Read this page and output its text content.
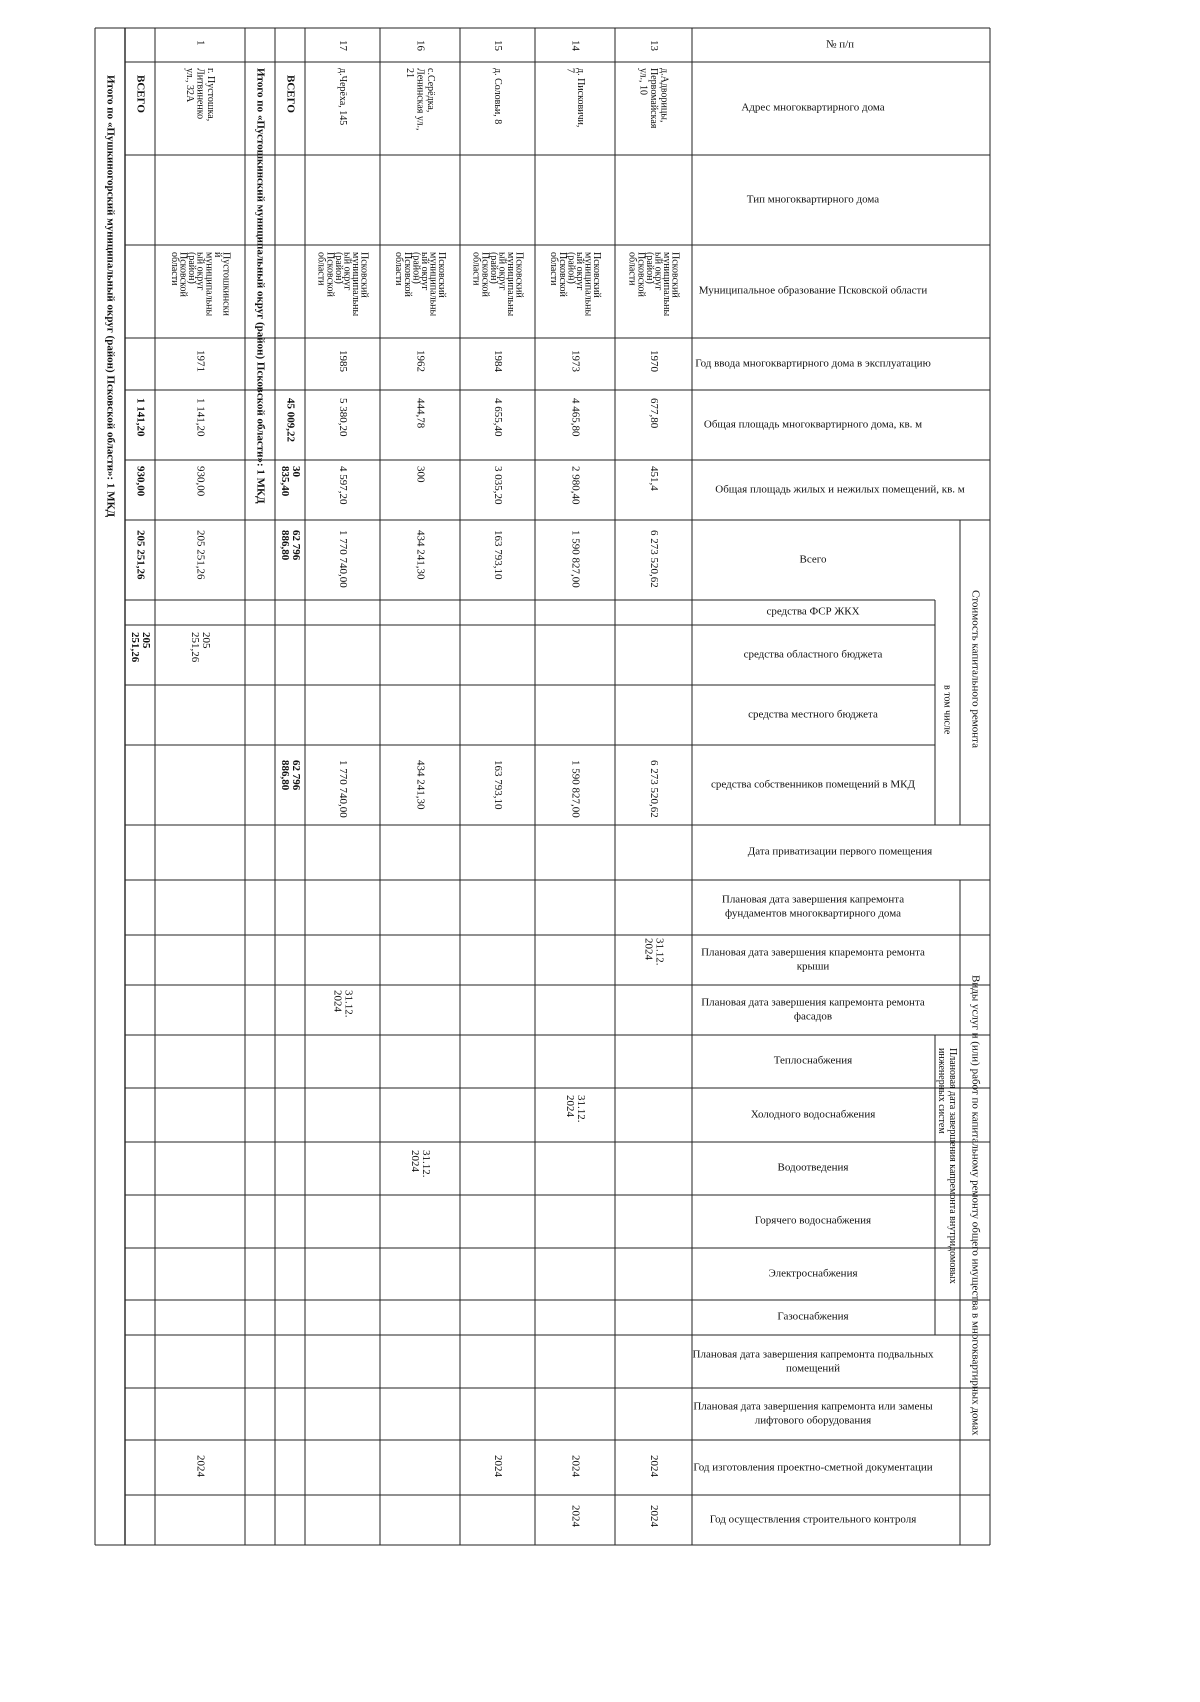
№ п/п
Адрес многоквартирного дома
Тип многоквартирного дома
Муниципальное образование Псковской области
Год ввода многоквартирного дома в эксплуатацию
Общая площадь многоквартирного дома, кв. м
Общая площадь жилых и нежилых помещений, кв. м
Всего
средства ФСР ЖКХ
средства областного бюджета
средства местного бюджета
средства собственников помещений в МКД
Дата приватизации первого помещения
Плановая дата завершения капремонта
фундаментов многоквартирного дома
Плановая дата завершения кпаремонта ремонта
крыши
Плановая дата завершения капремонта ремонта
фасадов
Теплоснабжения
Холодного водоснабжения
Водоотведения
Горячего водоснабжения
Электроснабжения
Газоснабжения
Плановая дата завершения капремонта подвальных
помещений
Плановая дата завершения капремонта или замены
лифтового оборудования
Год изготовления проектно-сметной документации
Год осуществления строительного контроля
Стоимость капитального ремонта
в том числе
Виды услуг и (или) работ по капитальному ремонту общего имущества в многоквартирных домах
Плановая дата завершения капремонта внутридомовых
инженерных систем
13
д.Адворицы,
Первомайская
ул., 10
Псковский
муниципальны
ый округ
(район)
Псковской
области
1970
677,80
451,4
6 273 520,62
6 273 520,62
31.12.
2024
2024
2024
14
д. Писковичи,
7
Псковский
муниципальны
ый округ
(район)
Псковской
области
1973
4 465,80
2 980,40
1 590 827,00
1 590 827,00
31.12.
2024
2024
2024
15
д. Соловьи, 8
Псковский
муниципальны
ый округ
(район)
Псковской
области
1984
4 655,40
3 035,20
163 793,10
163 793,10
2024
16
с.Серёдка,
Ленинская ул.,
21
Псковский
муниципальны
ый округ
(район)
Псковской
области
1962
444,78
300
434 241,30
434 241,30
31.12.
2024
17
д.Черёха, 145
Псковский
муниципальны
ый округ
(район)
Псковской
области
1985
5 380,20
4 597,20
1 770 740,00
1 770 740,00
31.12.
2024
ВСЕГО
45 009,22
30
835,40
62 796
886,80
62 796
886,80
1
г. Пустошка,
Литвиненко
ул., 32А
Пустошкински
й
муниципальны
ый округ
(район)
Псковской
области
1971
1 141,20
930,00
205 251,26
205
251,26
2024
ВСЕГО
1 141,20
930,00
205 251,26
205
251,26
Итого по «Пустошкинский муниципальный округ (район) Псковской области»: 1 МКД
Итого по «Пушкиногорский муниципальный округ (район) Псковской области»: 1 МКД
